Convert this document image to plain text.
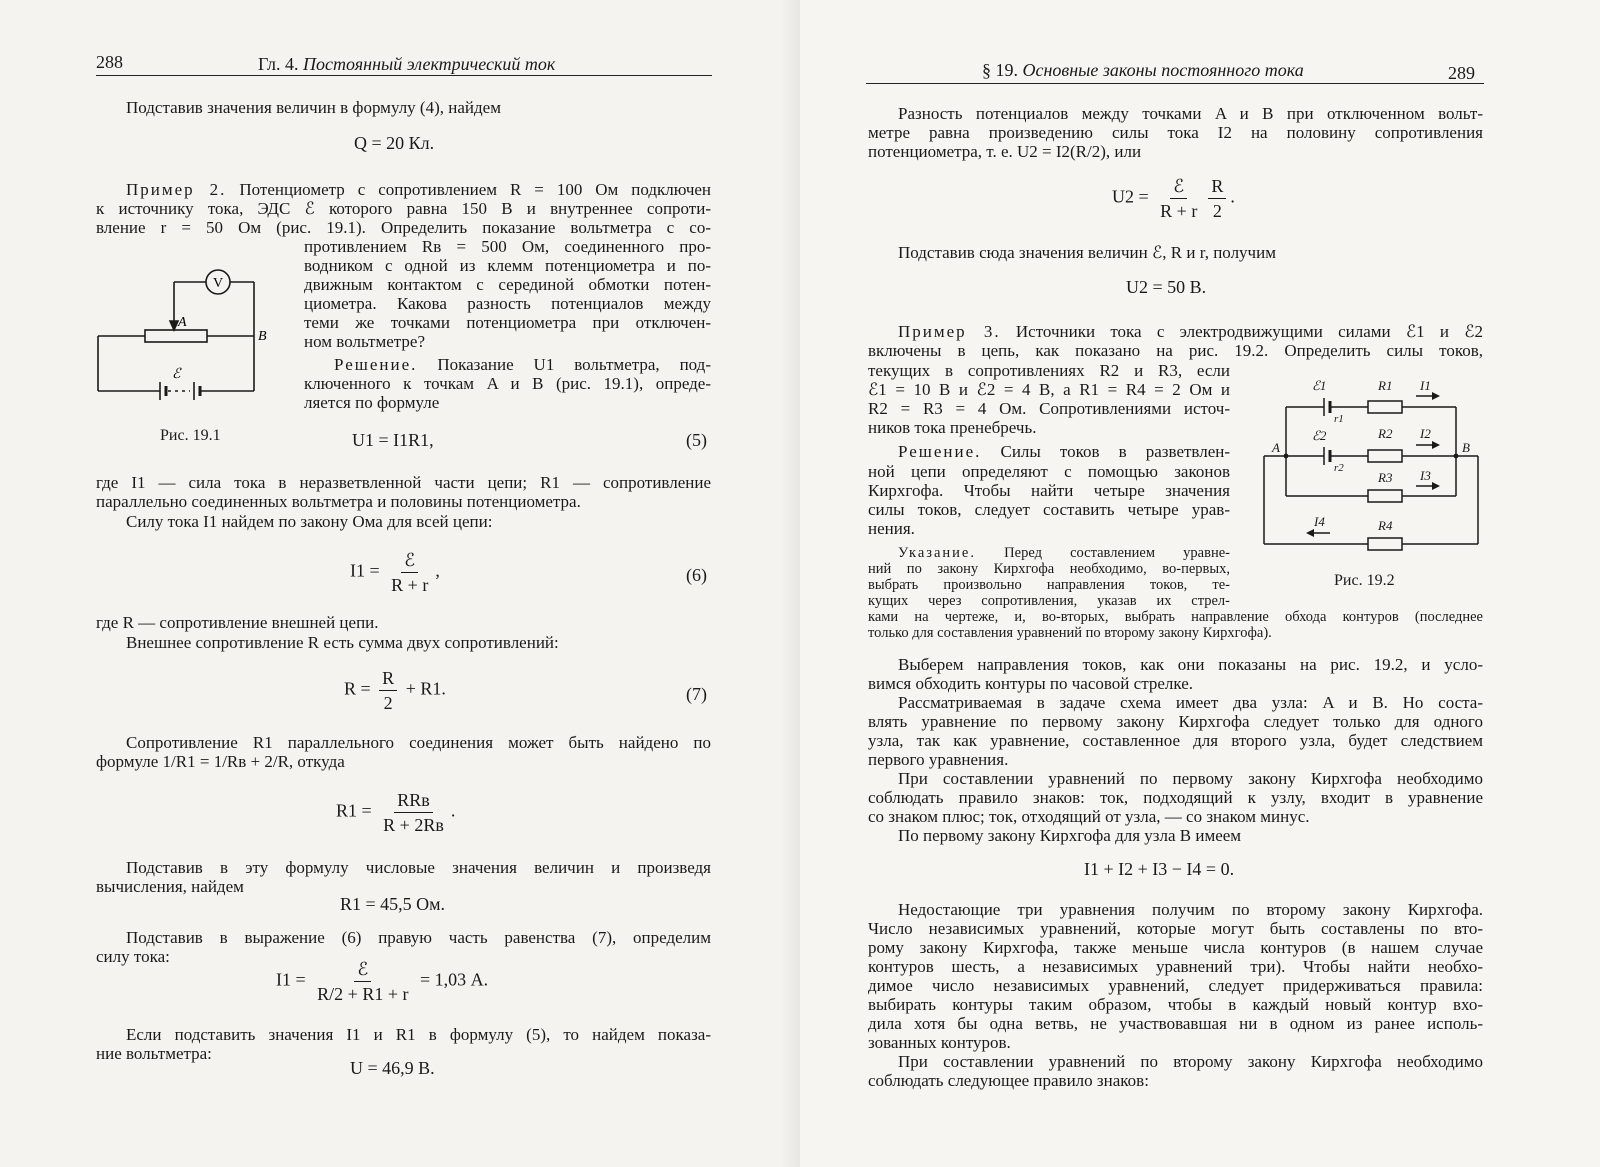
288	Гл. 4. Постоянный электрический ток
Подставив значения величин в формулу (4), найдем
Q = 20 Кл.
Пример 2. Потенциометр с сопротивлением R = 100 Ом подключен
к источнику тока, ЭДС ℰ которого равна 150 В и внутреннее сопроти-
вление r = 50 Ом (рис. 19.1). Определить показание вольтметра с со-
противлением Rв = 500 Ом, соединенного про-
водником с одной из клемм потенциометра и по-
движным контактом с серединой обмотки потен-
циометра. Какова разность потенциалов между
теми же точками потенциометра при отключен-
ном вольтметре?
Решение. Показание U1 вольтметра, под-
ключенного к точкам A и B (рис. 19.1), опреде-
ляется по формуле
V
A
B
ℰ
Рис. 19.1	U1 = I1R1,	(5)
где I1 — сила тока в неразветвленной части цепи; R1 — сопротивление
параллельно соединенных вольтметра и половины потенциометра.
Силу тока I1 найдем по закону Ома для всей цепи:
$I1 = \frac{\text{ℰ}}{R + r}$ ,	(6)
где R — сопротивление внешней цепи.
Внешнее сопротивление R есть сумма двух сопротивлений:
$R = \frac{R}{2} + R1$.	(7)
Сопротивление R1 параллельного соединения может быть найдено по
формуле 1/R1 = 1/Rв + 2/R, откуда
$R1 = \frac{\text{RRв}}{R + 2Rв}$ .
Подставив в эту формулу числовые значения величин и произведя
вычисления, найдем
R1 = 45,5 Ом.
Подставив в выражение (6) правую часть равенства (7), определим
силу тока:
$I1 = \frac{\text{ℰ}}{R/2 + R1 + r} = 1,03$ А.
Если подставить значения I1 и R1 в формулу (5), то найдем показа-
ние вольтметра:
U = 46,9 В.
§ 19. Основные законы постоянного тока	289
Разность потенциалов между точками A и B при отключенном вольт-
метре равна произведению силы тока I2 на половину сопротивления
потенциометра, т. е. U2 = I2(R/2), или
$U2 = \frac{\text{ℰ}}{R + r} \frac{R}{2}$ .
Подставив сюда значения величин ℰ, R и r, получим
U2 = 50 В.
Пример 3. Источники тока с электродвижущими силами ℰ1 и ℰ2
включены в цепь, как показано на рис. 19.2. Определить силы токов,
текущих в сопротивлениях R2 и R3, если
ℰ1 = 10 В и ℰ2 = 4 В, а R1 = R4 = 2 Ом и
R2 = R3 = 4 Ом. Сопротивлениями источ-
ников тока пренебречь.
Решение. Силы токов в разветвлен-
ной цепи определяют с помощью законов
Кирхгофа. Чтобы найти четыре значения
силы токов, следует составить четыре урав-
нения.
Указание. Перед составлением уравне-
ний по закону Кирхгофа необходимо, во-первых,
выбрать произвольно направления токов, те-
кущих через сопротивления, указав их стрел-
ками на чертеже, и, во-вторых, выбрать направление обхода контуров (последнее
только для составления уравнений по второму закону Кирхгофа).
ℰ1
r1
ℰ2
r2
R1
R2
R3
R4
I1
I2
I3
I4
A	B
Рис. 19.2
Выберем направления токов, как они показаны на рис. 19.2, и усло-
вимся обходить контуры по часовой стрелке.
Рассматриваемая в задаче схема имеет два узла: A и B. Но соста-
влять уравнение по первому закону Кирхгофа следует только для одного
узла, так как уравнение, составленное для второго узла, будет следствием
первого уравнения.
При составлении уравнений по первому закону Кирхгофа необходимо
соблюдать правило знаков: ток, подходящий к узлу, входит в уравнение
со знаком плюс; ток, отходящий от узла, — со знаком минус.
По первому закону Кирхгофа для узла B имеем
I1 + I2 + I3 − I4 = 0.
Недостающие три уравнения получим по второму закону Кирхгофа.
Число независимых уравнений, которые могут быть составлены по вто-
рому закону Кирхгофа, также меньше числа контуров (в нашем случае
контуров шесть, а независимых уравнений три). Чтобы найти необхо-
димое число независимых уравнений, следует придерживаться правила:
выбирать контуры таким образом, чтобы в каждый новый контур вхо-
дила хотя бы одна ветвь, не участвовавшая ни в одном из ранее исполь-
зованных контуров.
При составлении уравнений по второму закону Кирхгофа необходимо
соблюдать следующее правило знаков:
